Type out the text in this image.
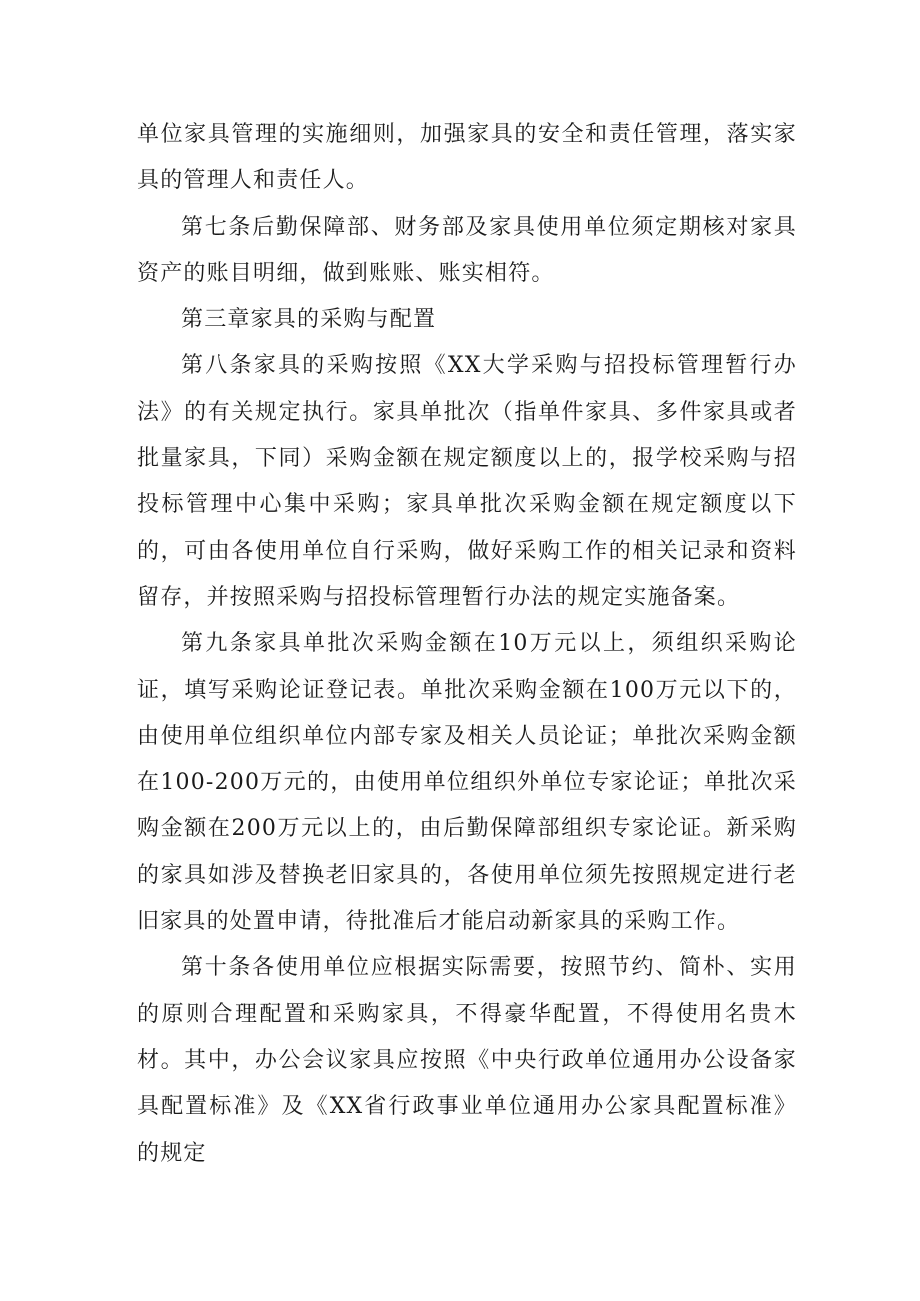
单位家具管理的实施细则，加强家具的安全和责任管理，落实家具的管理人和责任人。

第七条后勤保障部、财务部及家具使用单位须定期核对家具资产的账目明细，做到账账、账实相符。

第三章家具的采购与配置

第八条家具的采购按照《XX大学采购与招投标管理暂行办法》的有关规定执行。家具单批次（指单件家具、多件家具或者批量家具，下同）采购金额在规定额度以上的，报学校采购与招投标管理中心集中采购；家具单批次采购金额在规定额度以下的，可由各使用单位自行采购，做好采购工作的相关记录和资料留存，并按照采购与招投标管理暂行办法的规定实施备案。

第九条家具单批次采购金额在10万元以上，须组织采购论证，填写采购论证登记表。单批次采购金额在100万元以下的，由使用单位组织单位内部专家及相关人员论证；单批次采购金额在100-200万元的，由使用单位组织外单位专家论证；单批次采购金额在200万元以上的，由后勤保障部组织专家论证。新采购的家具如涉及替换老旧家具的，各使用单位须先按照规定进行老旧家具的处置申请，待批准后才能启动新家具的采购工作。

第十条各使用单位应根据实际需要，按照节约、简朴、实用的原则合理配置和采购家具，不得豪华配置，不得使用名贵木材。其中，办公会议家具应按照《中央行政单位通用办公设备家具配置标准》及《XX省行政事业单位通用办公家具配置标准》的规定
